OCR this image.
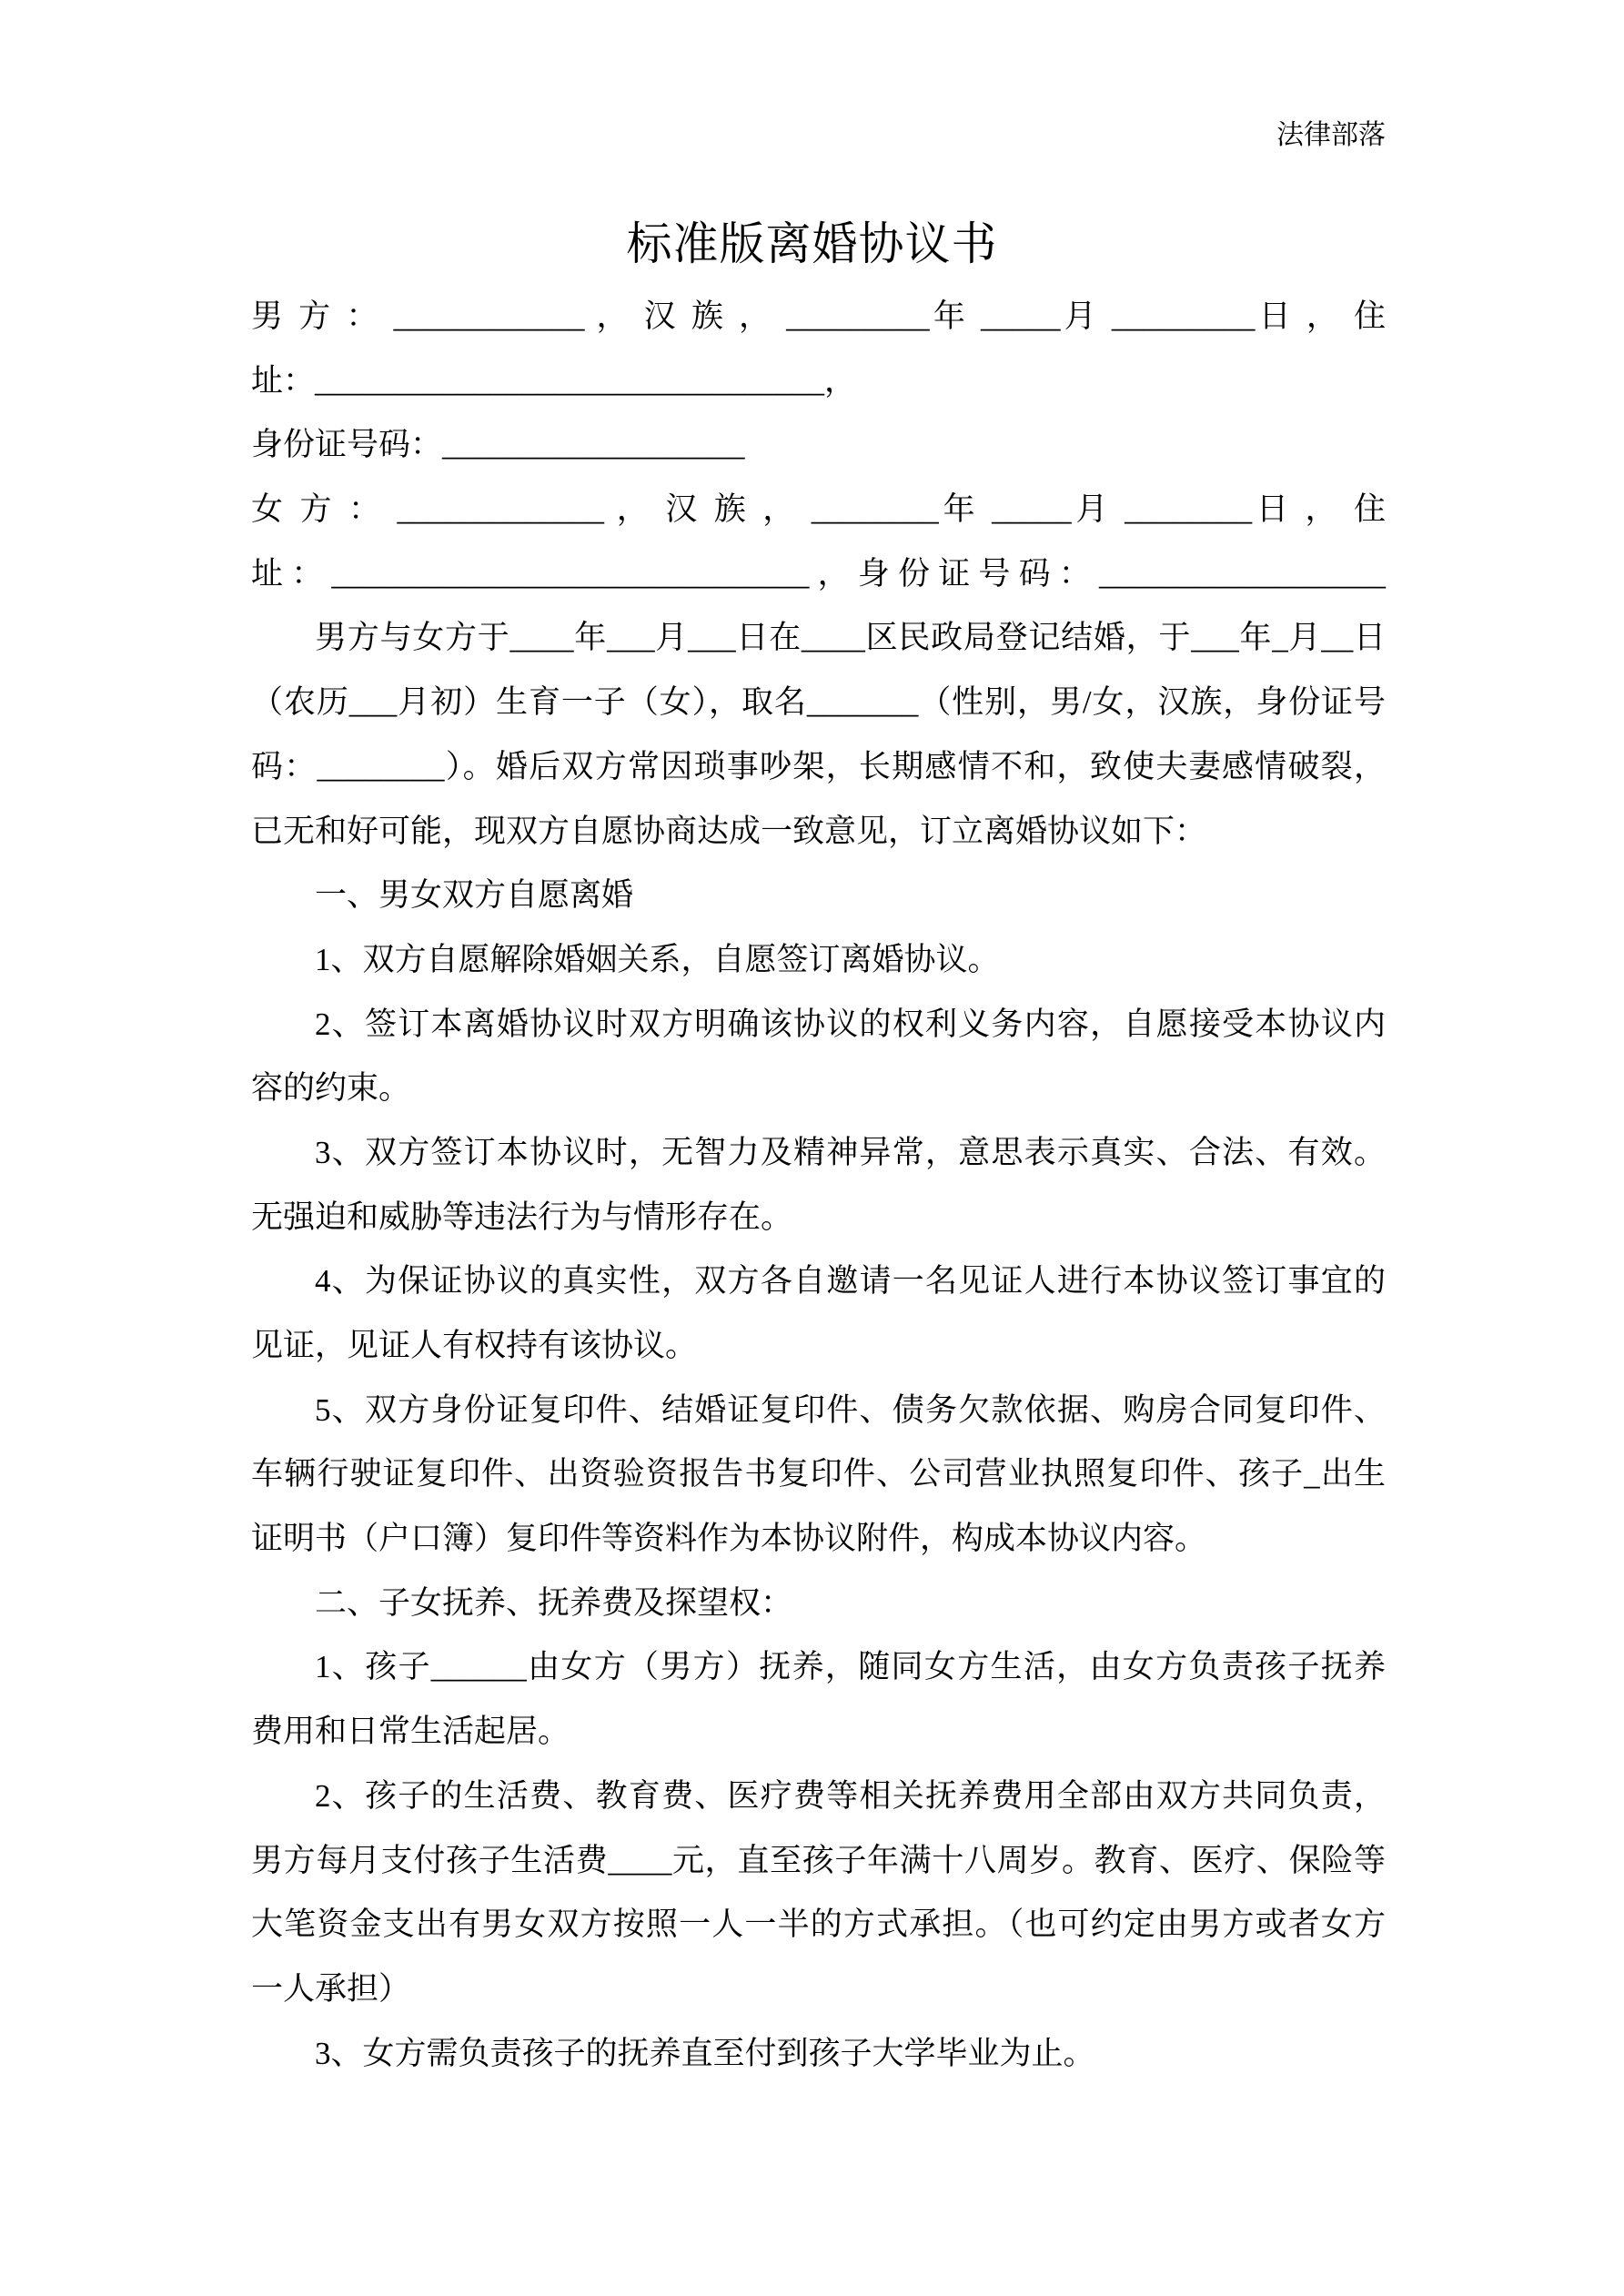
法律部落
标准版离婚协议书
男 方 ： ____________ ， 汉 族 ， _________年 _____月 _________日 ， 住
址：________________________________，
身份证号码：___________________
女 方 ： _____________ ， 汉 族 ， ________年 _____月 ________日 ， 住
址：______________________________，身份证号码：__________________
男方与女方于____年___月___日在____区民政局登记结婚，于___年_月__日
（农历___月初）生育一子（女），取名_______（性别，男/女，汉族，身份证号
码：________）。婚后双方常因琐事吵架，长期感情不和，致使夫妻感情破裂，
已无和好可能，现双方自愿协商达成一致意见，订立离婚协议如下：
一、男女双方自愿离婚
1、双方自愿解除婚姻关系，自愿签订离婚协议。
2、签订本离婚协议时双方明确该协议的权利义务内容，自愿接受本协议内
容的约束。
3、双方签订本协议时，无智力及精神异常，意思表示真实、合法、有效。
无强迫和威胁等违法行为与情形存在。
4、为保证协议的真实性，双方各自邀请一名见证人进行本协议签订事宜的
见证，见证人有权持有该协议。
5、双方身份证复印件、结婚证复印件、债务欠款依据、购房合同复印件、
车辆行驶证复印件、出资验资报告书复印件、公司营业执照复印件、孩子_出生
证明书（户口簿）复印件等资料作为本协议附件，构成本协议内容。
二、子女抚养、抚养费及探望权：
1、孩子______由女方（男方）抚养，随同女方生活，由女方负责孩子抚养
费用和日常生活起居。
2、孩子的生活费、教育费、医疗费等相关抚养费用全部由双方共同负责，
男方每月支付孩子生活费____元，直至孩子年满十八周岁。教育、医疗、保险等
大笔资金支出有男女双方按照一人一半的方式承担。（也可约定由男方或者女方
一人承担）
3、女方需负责孩子的抚养直至付到孩子大学毕业为止。
